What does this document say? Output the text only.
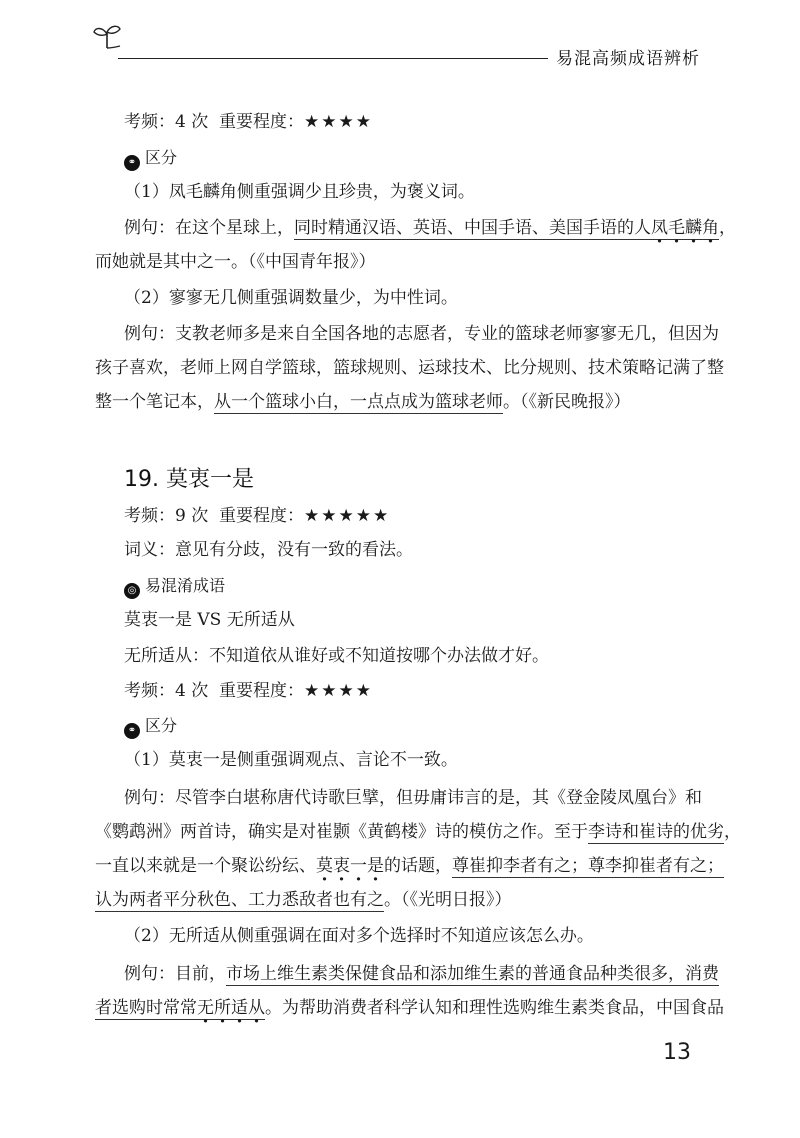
易混高频成语辨析
考频：4 次 重要程度：★★★★
⚭ 区分
（1）凤毛麟角侧重强调少且珍贵，为褒义词。
例句：在这个星球上，同时精通汉语、英语、中国手语、美国手语的人凤毛麟角，
而她就是其中之一。（《中国青年报》）
（2）寥寥无几侧重强调数量少，为中性词。
例句：支教老师多是来自全国各地的志愿者，专业的篮球老师寥寥无几，但因为
孩子喜欢，老师上网自学篮球，篮球规则、运球技术、比分规则、技术策略记满了整
整一个笔记本，从一个篮球小白，一点点成为篮球老师。（《新民晚报》）
19. 莫衷一是
考频：9 次 重要程度：★★★★★
词义：意见有分歧，没有一致的看法。
◎ 易混淆成语
莫衷一是 VS 无所适从
无所适从：不知道依从谁好或不知道按哪个办法做才好。
考频：4 次 重要程度：★★★★
⚭ 区分
（1）莫衷一是侧重强调观点、言论不一致。
例句：尽管李白堪称唐代诗歌巨擘，但毋庸讳言的是，其《登金陵凤凰台》和
《鹦鹉洲》两首诗，确实是对崔颢《黄鹤楼》诗的模仿之作。至于李诗和崔诗的优劣，
一直以来就是一个聚讼纷纭、莫衷一是的话题，尊崔抑李者有之；尊李抑崔者有之；
认为两者平分秋色、工力悉敌者也有之。（《光明日报》）
（2）无所适从侧重强调在面对多个选择时不知道应该怎么办。
例句：目前，市场上维生素类保健食品和添加维生素的普通食品种类很多，消费
者选购时常常无所适从。为帮助消费者科学认知和理性选购维生素类食品，中国食品
13
